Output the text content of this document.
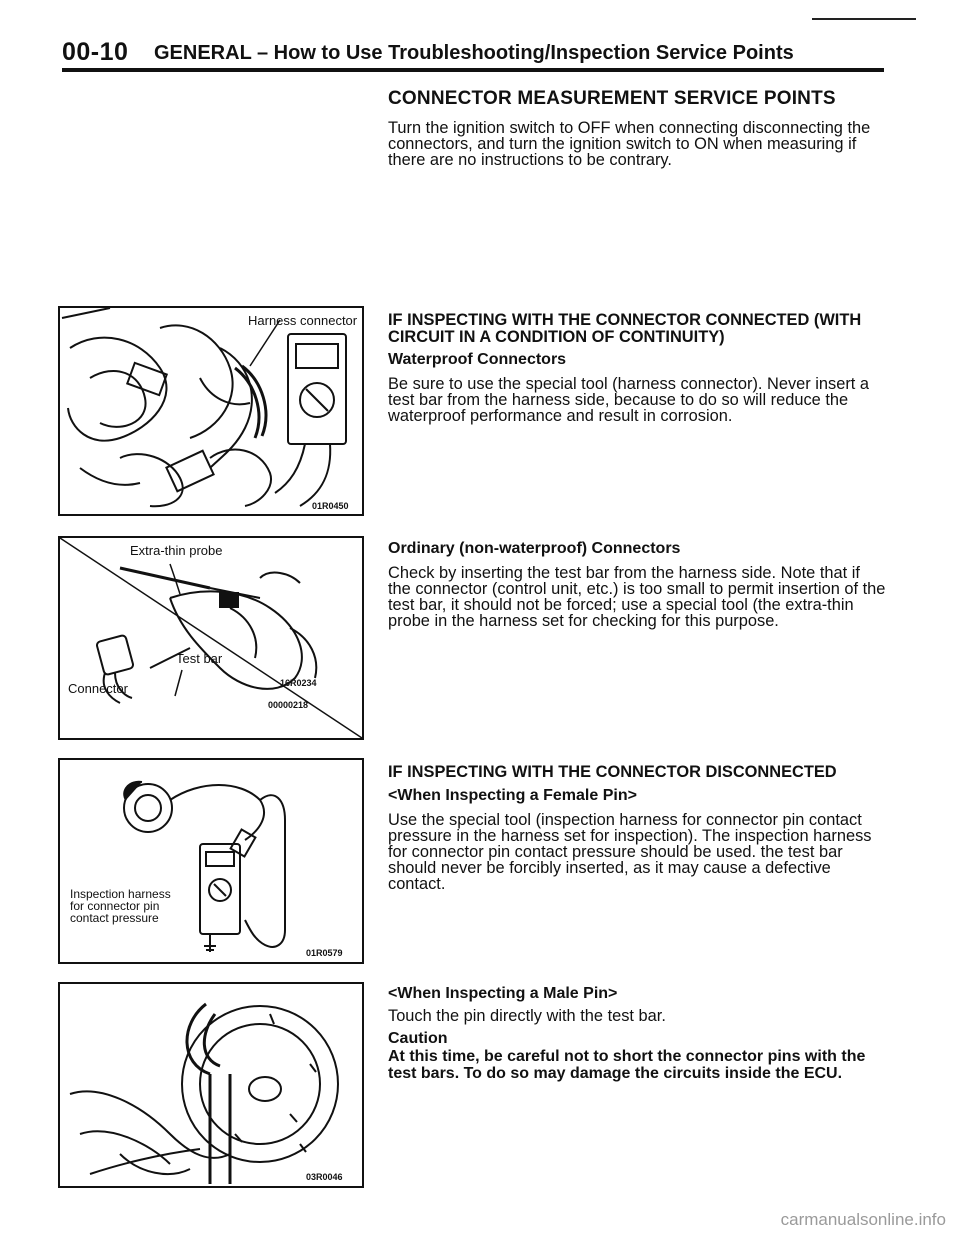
00-10 GENERAL – How to Use Troubleshooting/Inspection Service Points

CONNECTOR MEASUREMENT SERVICE POINTS

Turn the ignition switch to OFF when connecting disconnecting the connectors, and turn the ignition switch to ON when measuring if there are no instructions to be contrary.

IF INSPECTING WITH THE CONNECTOR CONNECTED (WITH CIRCUIT IN A CONDITION OF CONTINUITY)

Waterproof Connectors

Be sure to use the special tool (harness connector). Never insert a test bar from the harness side, because to do so will reduce the waterproof performance and result in corrosion.

Ordinary (non-waterproof) Connectors

Check by inserting the test bar from the harness side. Note that if the connector (control unit, etc.) is too small to permit insertion of the test bar, it should not be forced; use a special tool (the extra-thin probe in the harness set for checking for this purpose.

IF INSPECTING WITH THE CONNECTOR DISCONNECTED

<When Inspecting a Female Pin>

Use the special tool (inspection harness for connector pin contact pressure in the harness set for inspection). The inspection harness for connector pin contact pressure should be used. the test bar should never be forcibly inserted, as it may cause a defective contact.

<When Inspecting a Male Pin>

Touch the pin directly with the test bar.

Caution

At this time, be careful not to short the connector pins with the test bars. To do so may damage the circuits inside the ECU.

Harness connector
01R0450
Extra-thin probe
Test bar
Connector	16R0234
00000218
Inspection harness
for connector pin
contact pressure
01R0579
03R0046
carmanualsonline.info
